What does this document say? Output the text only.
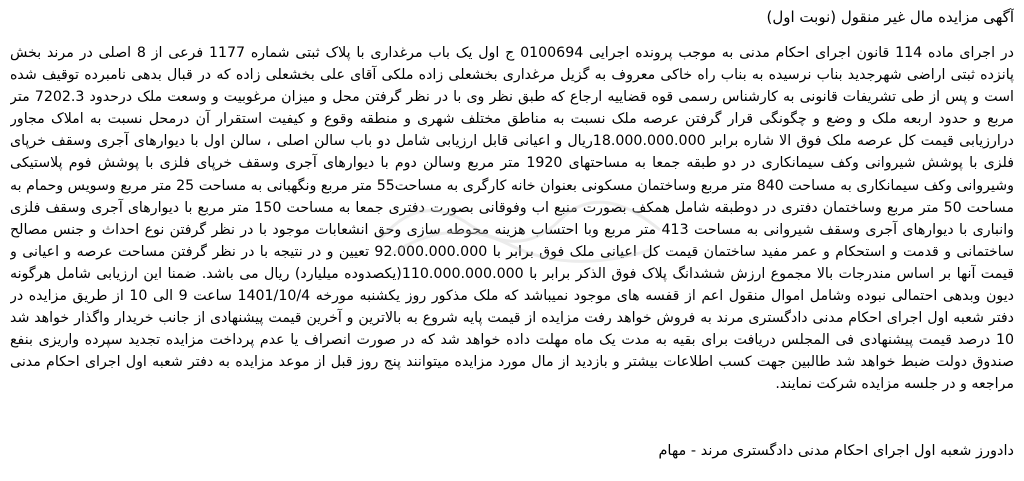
آگهی مزایده مال غیر منقول (نوبت اول)

در اجرای ماده 114 قانون اجرای احکام مدنی به موجب پرونده اجرایی 0100694 ج اول یک باب مرغداری با پلاک ثبتی شماره 1177 فرعی از 8 اصلی در مرند بخش پانزده ثبتی اراضی شهرجدید بناب نرسیده به بناب راه خاکی معروف به گزیل مرغداری بخشعلی زاده ملکی آقای علی بخشعلی زاده که در قبال بدهی نامبرده توقیف شده است و پس از طی تشریفات قانونی به کارشناس رسمی قوه قضاییه ارجاع که طبق نظر وی با در نظر گرفتن محل و میزان مرغوبیت و وسعت ملک درحدود 7202.3 متر مربع و حدود اربعه ملک و وضع و چگونگی قرار گرفتن عرصه ملک نسبت به مناطق مختلف شهری و منطقه وقوع و کیفیت استقرار آن درمحل نسبت به املاک مجاور درارزیابی قیمت کل عرصه ملک فوق الا شاره برابر 18.000.000.000ریال و اعیانی قابل ارزیابی شامل دو باب سالن اصلی ، سالن اول با دیوارهای آجری وسقف خرپای فلزی با پوشش شیروانی وکف سیمانکاری در دو طبقه جمعا به مساحتهای 1920 متر مربع وسالن دوم با دیوارهای آجری وسقف خرپای فلزی با پوشش فوم پلاستیکی وشیروانی وکف سیمانکاری به مساحت 840 متر مربع وساختمان مسکونی بعنوان خانه کارگری به مساحت55 متر مربع ونگهبانی به مساحت 25 متر مربع وسویس وحمام به مساحت 50 متر مربع وساختمان دفتری در دوطبقه شامل همکف بصورت منبع اب وفوقانی بصورت دفتری جمعا به مساحت 150 متر مربع با دیوارهای آجری وسقف فلزی وانباری با دیوارهای آجری وسقف شیروانی به مساحت 413 متر مربع وبا احتساب هزینه محوطه سازی وحق انشعابات موجود با در نظر گرفتن نوع احداث و جنس مصالح ساختمانی و قدمت و استحکام و عمر مفید ساختمان قیمت کل اعیانی ملک فوق برابر با 92.000.000.000 تعیین و در نتیجه با در نظر گرفتن مساحت عرصه و اعیانی و قیمت آنها بر اساس مندرجات بالا مجموع ارزش ششدانگ پلاک فوق الذکر برابر با 110.000.000.000(یکصدوده میلیارد) ریال می باشد. ضمنا این ارزیابی شامل هرگونه دیون وبدهی احتمالی نبوده وشامل اموال منقول اعم از قفسه های موجود نمیباشد که ملک مذکور روز یکشنبه مورخه 1401/10/4 ساعت 9 الی 10 از طریق مزایده در دفتر شعبه اول اجرای احکام مدنی دادگستری مرند به فروش خواهد رفت مزایده از قیمت پایه شروع به بالاترین و آخرین قیمت پیشنهادی از جانب خریدار واگذار خواهد شد 10 درصد قیمت پیشنهادی فی المجلس دریافت برای بقیه به مدت یک ماه مهلت داده خواهد شد که در صورت انصراف یا عدم پرداخت مزایده تجدید سپرده واریزی بنفع صندوق دولت ضبط خواهد شد طالبین جهت کسب اطلاعات بیشتر و بازدید از مال مورد مزایده میتوانند پنج روز قبل از موعد مزایده به دفتر شعبه اول اجرای احکام مدنی مراجعه و در جلسه مزایده شرکت نمایند.

دادورز شعبه اول اجرای احکام مدنی دادگستری مرند - مهام
